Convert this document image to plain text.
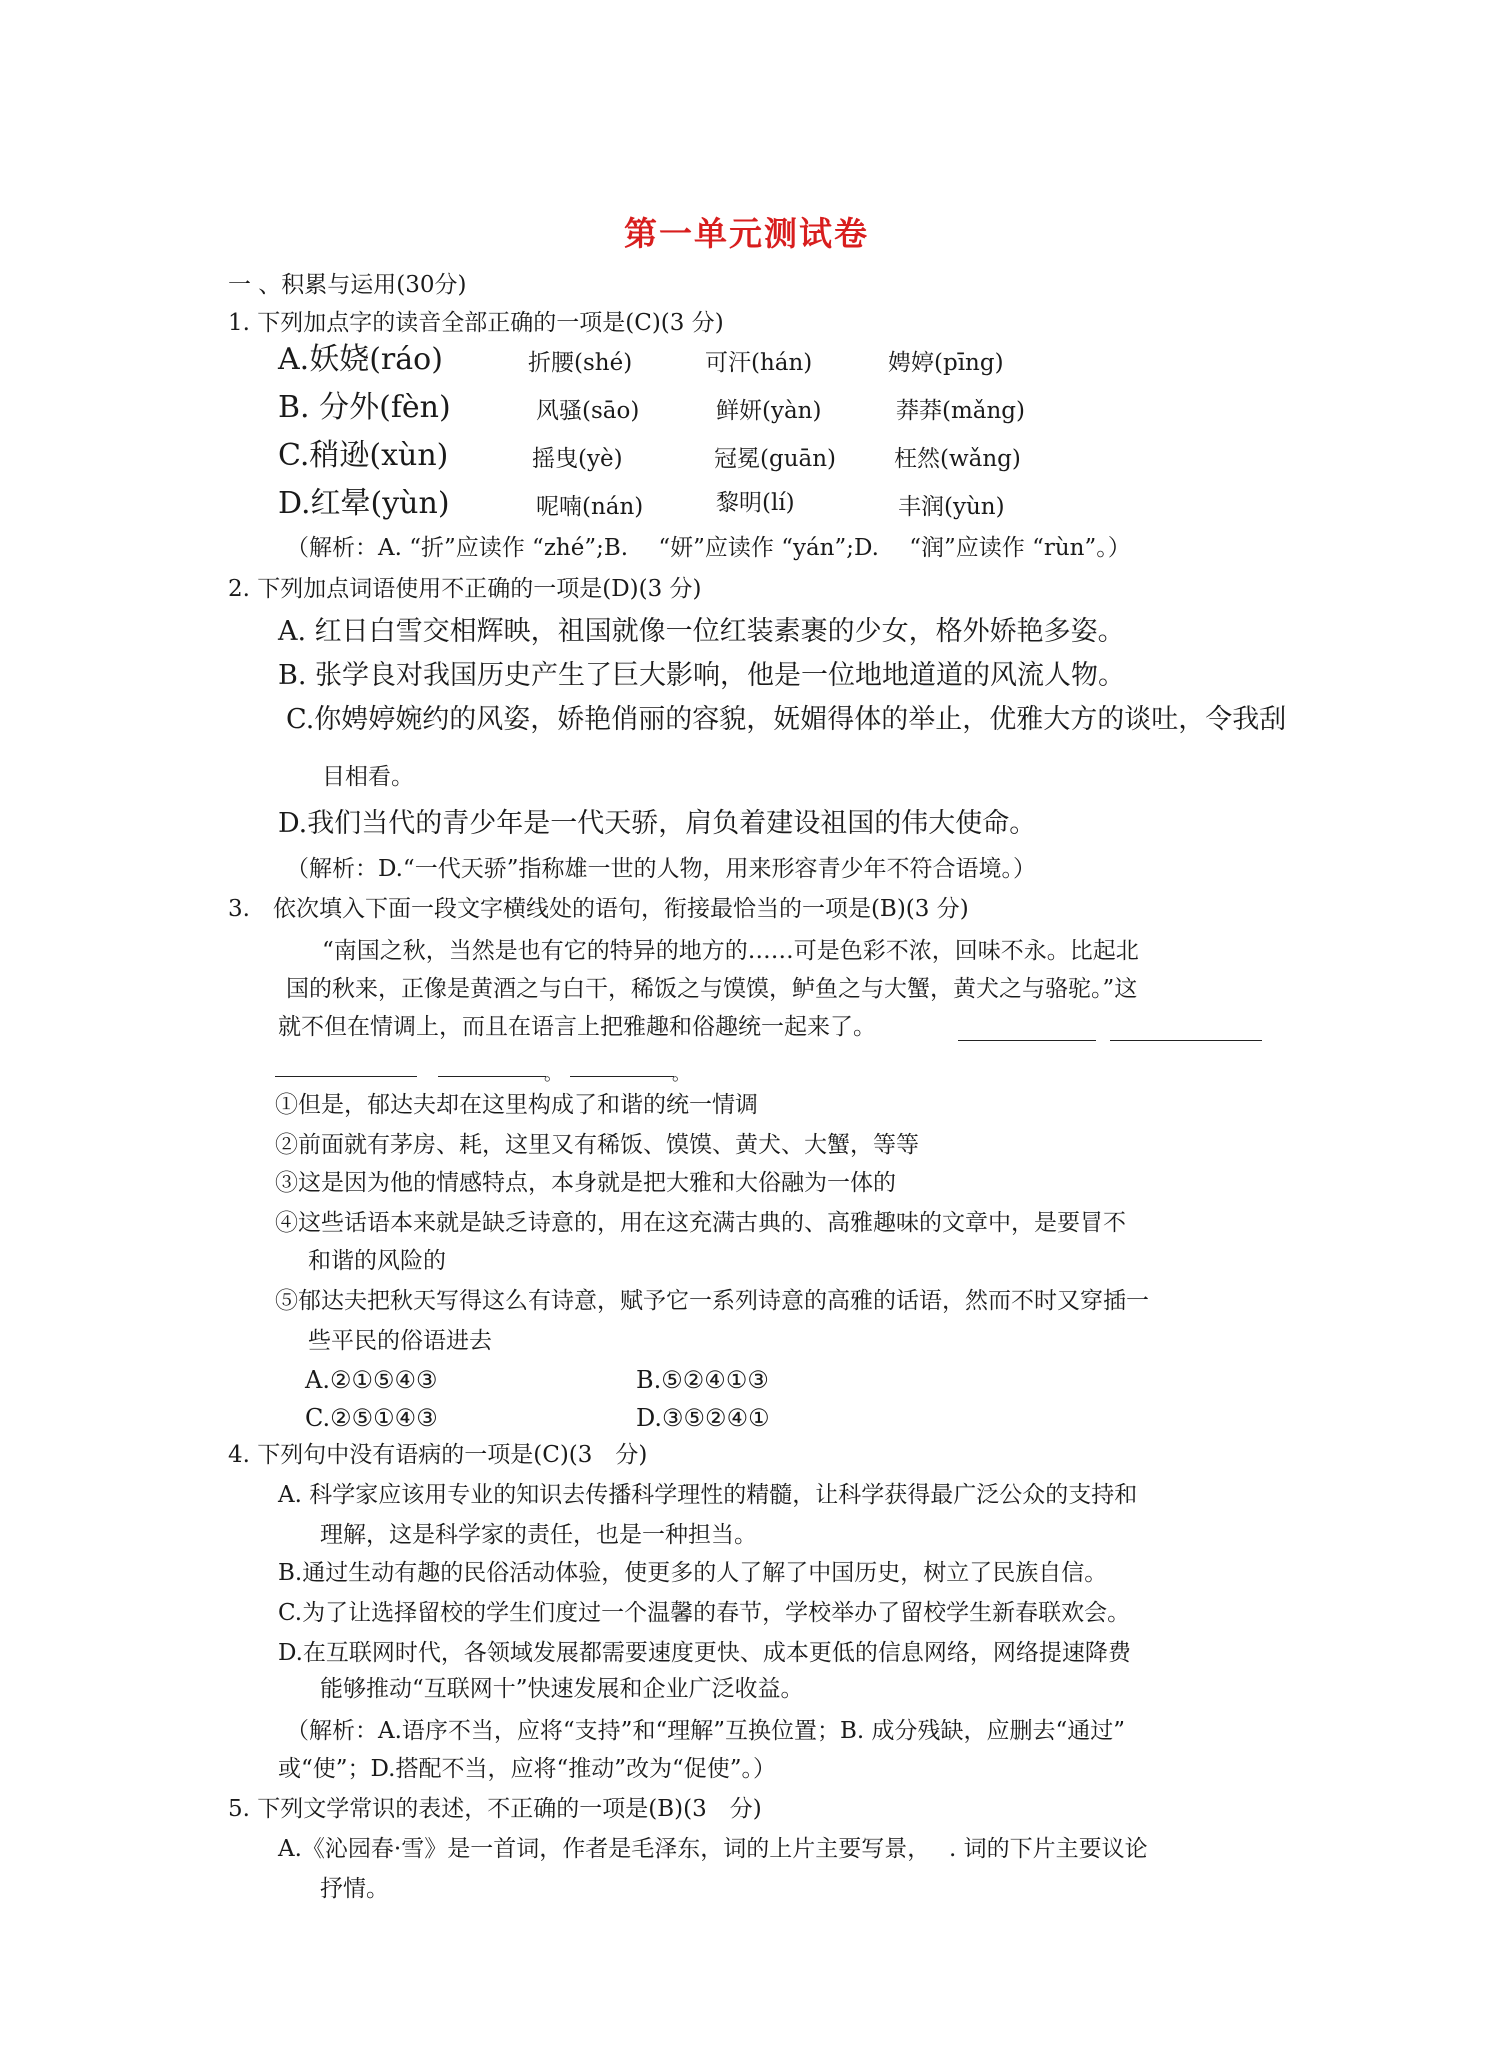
第一单元测试卷
一 、积累与运用(30分)
1. 下列加点字的读音全部正确的一项是(C)(3 分)
A.妖娆(ráo)	折腰(shé)	可汗(hán)	娉婷(pīng)
B. 分外(fèn)	风骚(sāo)	鲜妍(yàn)	莽莽(mǎng)
C.稍逊(xùn)	摇曳(yè)	冠冕(guān)	枉然(wǎng)
D.红晕(yùn)	呢喃(nán)	黎明(lí)	丰润(yùn)
（解析：A. “折”应读作 “zhé”;B.　 “妍”应读作 “yán”;D.　 “润”应读作 “rùn”。）
2. 下列加点词语使用不正确的一项是(D)(3 分)
A. 红日白雪交相辉映，祖国就像一位红装素裹的少女，格外娇艳多姿。
B. 张学良对我国历史产生了巨大影响，他是一位地地道道的风流人物。
C.你娉婷婉约的风姿，娇艳俏丽的容貌，妩媚得体的举止，优雅大方的谈吐，令我刮
目相看。
D.我们当代的青少年是一代天骄，肩负着建设祖国的伟大使命。
（解析：D.“一代天骄”指称雄一世的人物，用来形容青少年不符合语境。）
3.　依次填入下面一段文字横线处的语句，衔接最恰当的一项是(B)(3 分)
“南国之秋，当然是也有它的特异的地方的……可是色彩不浓，回味不永。比起北
国的秋来，正像是黄酒之与白干，稀饭之与馍馍，鲈鱼之与大蟹，黄犬之与骆驼。”这
就不但在情调上，而且在语言上把雅趣和俗趣统一起来了。
。	。
①但是，郁达夫却在这里构成了和谐的统一情调
②前面就有茅房、耗，这里又有稀饭、馍馍、黄犬、大蟹，等等
③这是因为他的情感特点，本身就是把大雅和大俗融为一体的
④这些话语本来就是缺乏诗意的，用在这充满古典的、高雅趣味的文章中，是要冒不
和谐的风险的
⑤郁达夫把秋天写得这么有诗意，赋予它一系列诗意的高雅的话语，然而不时又穿插一
些平民的俗语进去
A.②①⑤④③	B.⑤②④①③
C.②⑤①④③	D.③⑤②④①
4. 下列句中没有语病的一项是(C)(3　分)
A. 科学家应该用专业的知识去传播科学理性的精髓，让科学获得最广泛公众的支持和
理解，这是科学家的责任，也是一种担当。
B.通过生动有趣的民俗活动体验，使更多的人了解了中国历史，树立了民族自信。
C.为了让选择留校的学生们度过一个温馨的春节，学校举办了留校学生新春联欢会。
D.在互联网时代，各领域发展都需要速度更快、成本更低的信息网络，网络提速降费
能够推动“互联网十”快速发展和企业广泛收益。
（解析：A.语序不当，应将“支持”和“理解”互换位置；B. 成分残缺，应删去“通过”
或“使”；D.搭配不当，应将“推动”改为“促使”。）
5. 下列文学常识的表述，不正确的一项是(B)(3　分)
A.《沁园春·雪》是一首词，作者是毛泽东，词的上片主要写景，　 . 词的下片主要议论
抒情。
